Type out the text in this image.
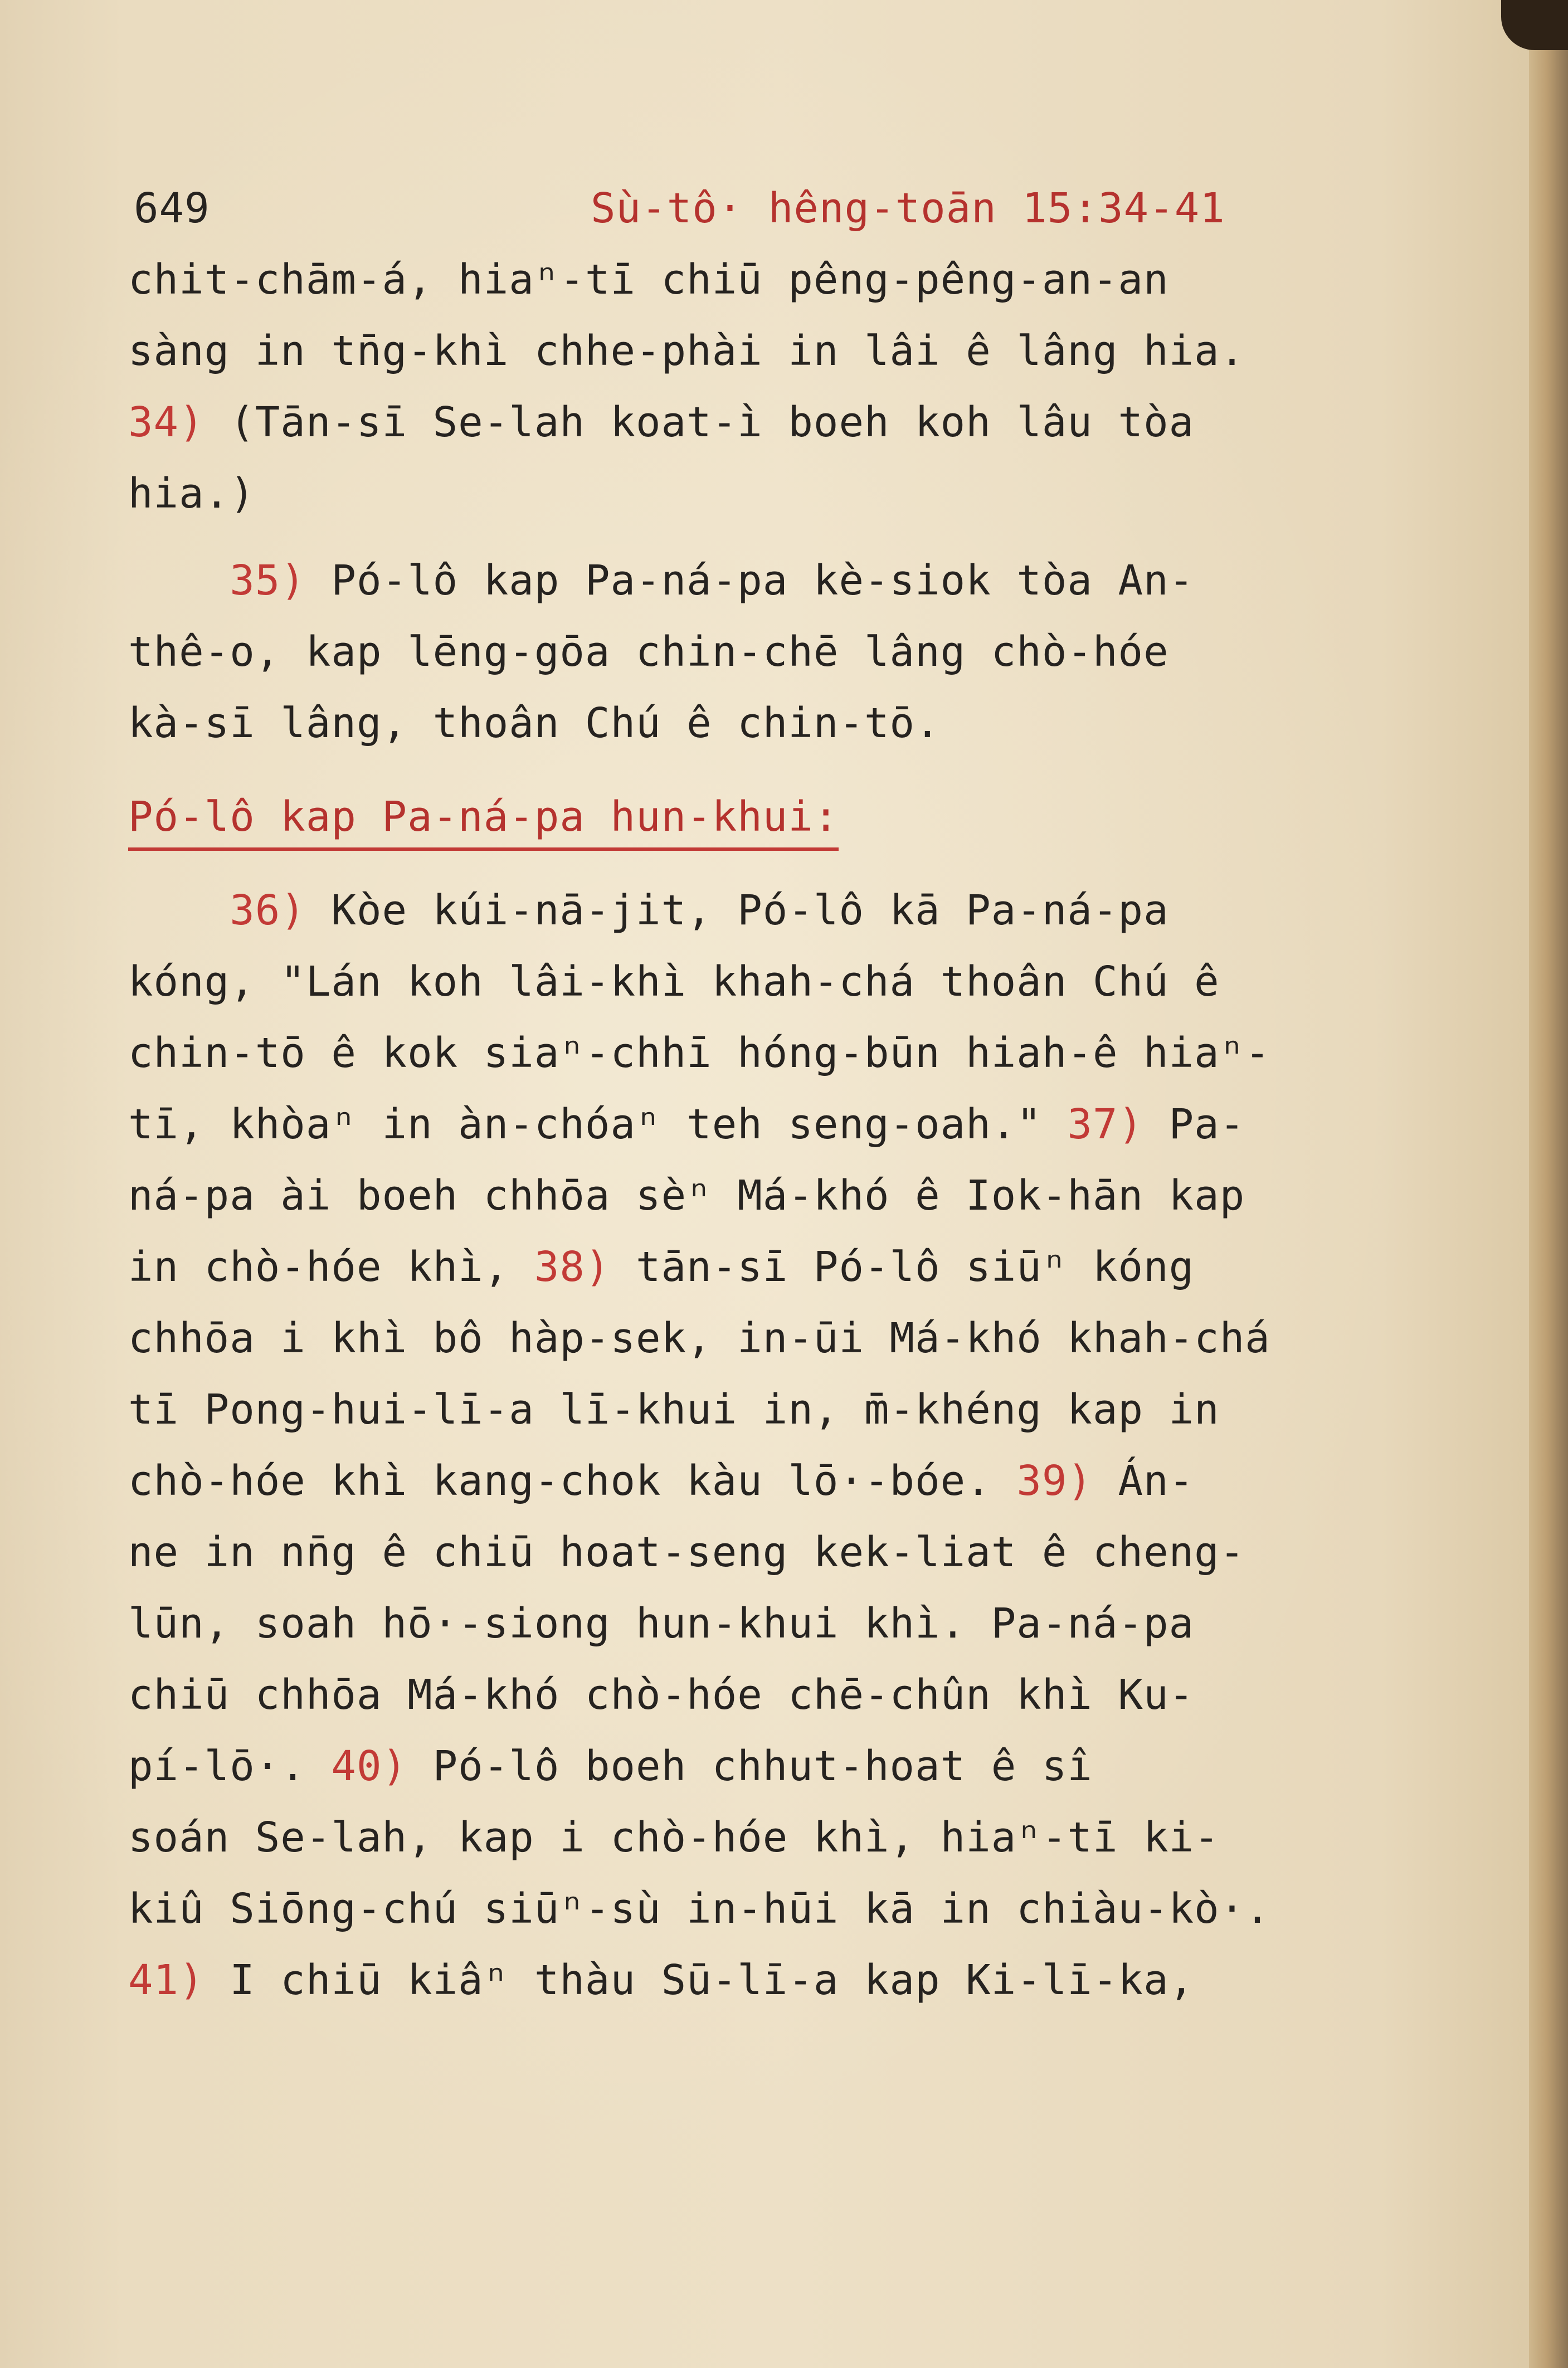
649	Sù-tô· hêng-toān 15:34-41
chit-chām-á, hiaⁿ-tī chiū pêng-pêng-an-an
sàng in tn̄g-khì chhe-phài in lâi ê lâng hia.
34) (Tān-sī Se-lah koat-ì boeh koh lâu tòa
hia.)
35) Pó-lô kap Pa-ná-pa kè-siok tòa An-
thê-o, kap lēng-gōa chin-chē lâng chò-hóe
kà-sī lâng, thoân Chú ê chin-tō.
Pó-lô kap Pa-ná-pa hun-khui:
36) Kòe kúi-nā-jit, Pó-lô kā Pa-ná-pa
kóng, "Lán koh lâi-khì khah-chá thoân Chú ê
chin-tō ê kok siaⁿ-chhī hóng-būn hiah-ê hiaⁿ-
tī, khòaⁿ in àn-chóaⁿ teh seng-oah." 37) Pa-
ná-pa ài boeh chhōa sèⁿ Má-khó ê Iok-hān kap
in chò-hóe khì, 38) tān-sī Pó-lô siūⁿ kóng
chhōa i khì bô hàp-sek, in-ūi Má-khó khah-chá
tī Pong-hui-lī-a lī-khui in, m̄-khéng kap in
chò-hóe khì kang-chok kàu lō·-bóe. 39) Án-
ne in nn̄g ê chiū hoat-seng kek-liat ê cheng-
lūn, soah hō·-siong hun-khui khì. Pa-ná-pa
chiū chhōa Má-khó chò-hóe chē-chûn khì Ku-
pí-lō·. 40) Pó-lô boeh chhut-hoat ê sî
soán Se-lah, kap i chò-hóe khì, hiaⁿ-tī ki-
kiû Siōng-chú siūⁿ-sù in-hūi kā in chiàu-kò·.
41) I chiū kiâⁿ thàu Sū-lī-a kap Ki-lī-ka,
